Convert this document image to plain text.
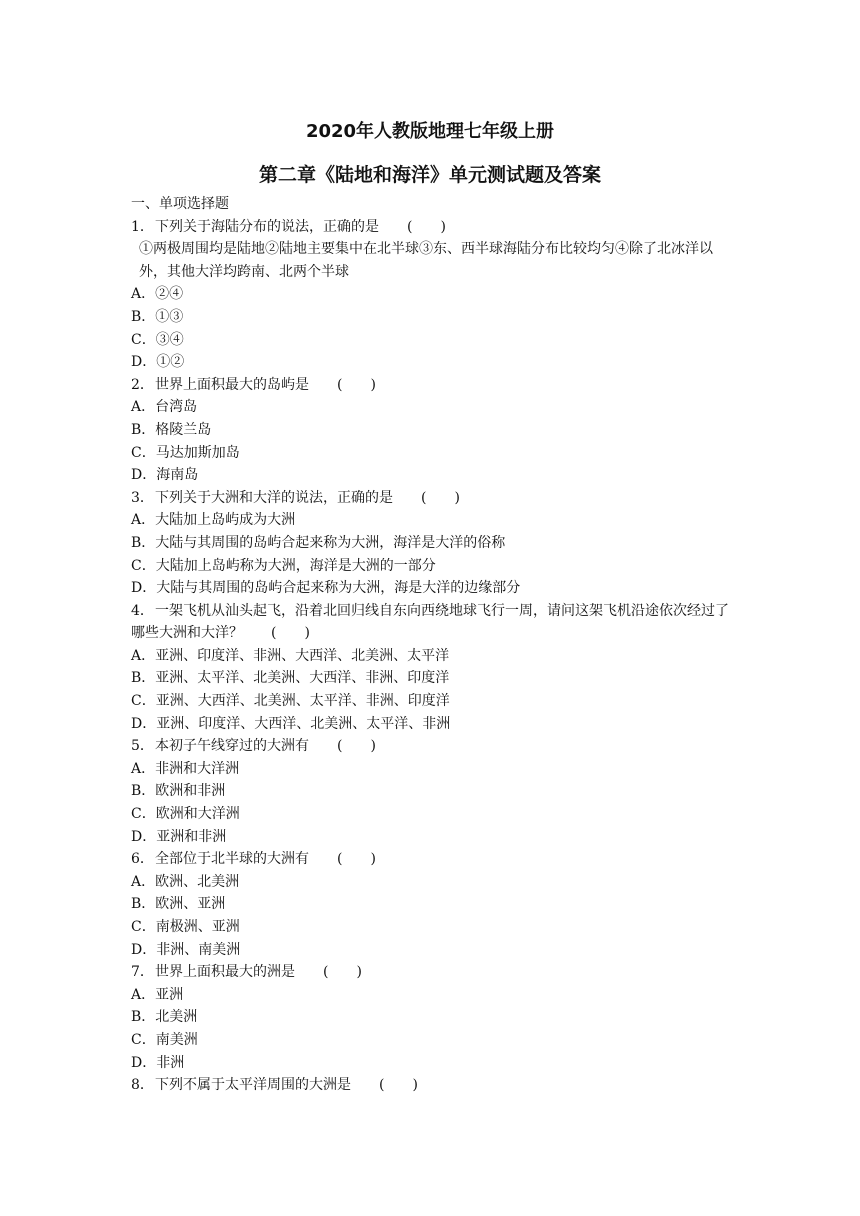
2020年人教版地理七年级上册
第二章《陆地和海洋》单元测试题及答案
一、单项选择题
1．下列关于海陆分布的说法，正确的是　　(　　)
①两极周围均是陆地②陆地主要集中在北半球③东、西半球海陆分布比较均匀④除了北冰洋以外，其他大洋均跨南、北两个半球
A．②④
B．①③
C．③④
D．①②
2．世界上面积最大的岛屿是　　(　　)
A．台湾岛
B．格陵兰岛
C．马达加斯加岛
D．海南岛
3．下列关于大洲和大洋的说法，正确的是　　(　　)
A．大陆加上岛屿成为大洲
B．大陆与其周围的岛屿合起来称为大洲，海洋是大洋的俗称
C．大陆加上岛屿称为大洲，海洋是大洲的一部分
D．大陆与其周围的岛屿合起来称为大洲，海是大洋的边缘部分
4．一架飞机从汕头起飞，沿着北回归线自东向西绕地球飞行一周，请问这架飞机沿途依次经过了哪些大洲和大洋？　　(　　)
A．亚洲、印度洋、非洲、大西洋、北美洲、太平洋
B．亚洲、太平洋、北美洲、大西洋、非洲、印度洋
C．亚洲、大西洋、北美洲、太平洋、非洲、印度洋
D．亚洲、印度洋、大西洋、北美洲、太平洋、非洲
5．本初子午线穿过的大洲有　　(　　)
A．非洲和大洋洲
B．欧洲和非洲
C．欧洲和大洋洲
D．亚洲和非洲
6．全部位于北半球的大洲有　　(　　)
A．欧洲、北美洲
B．欧洲、亚洲
C．南极洲、亚洲
D．非洲、南美洲
7．世界上面积最大的洲是　　(　　)
A．亚洲
B．北美洲
C．南美洲
D．非洲
8．下列不属于太平洋周围的大洲是　　(　　)
